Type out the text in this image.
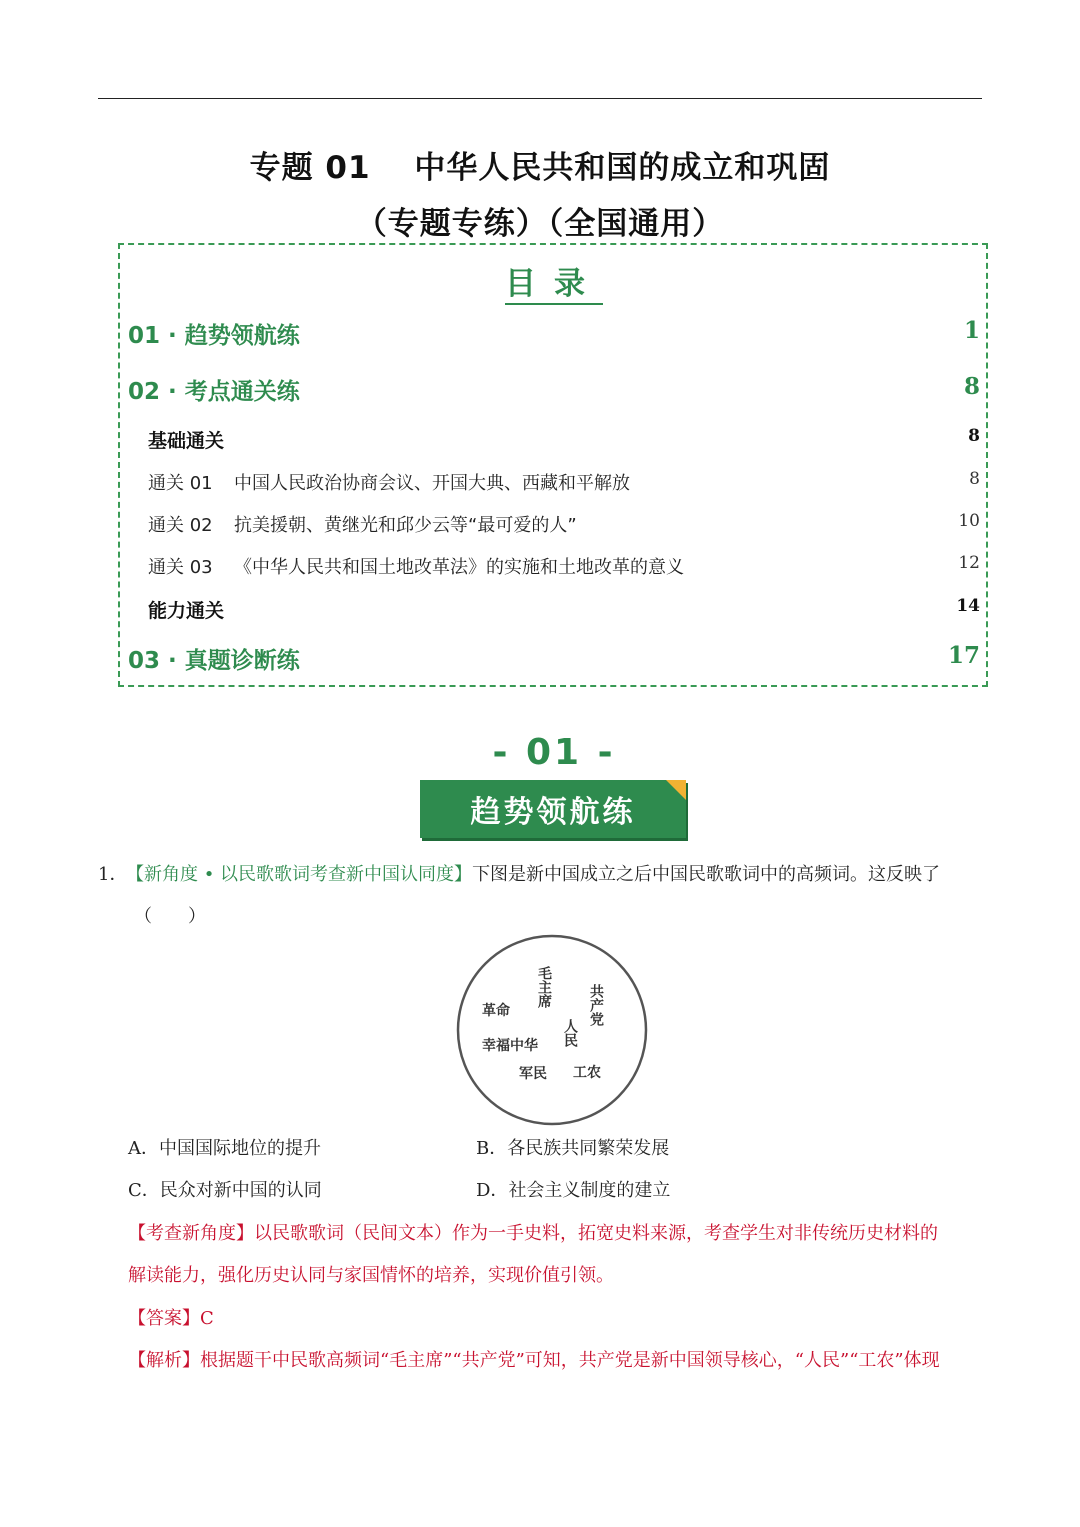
专题 01　 中华人民共和国的成立和巩固
（专题专练）（全国通用）
目录
01 · 趋势领航练	1
02 · 考点通关练	8
基础通关	8
通关 01 中国人民政治协商会议、开国大典、西藏和平解放	8
通关 02 抗美援朝、黄继光和邱少云等“最可爱的人”	10
通关 03 《中华人民共和国土地改革法》的实施和土地改革的意义	12
能力通关	14
03 · 真题诊断练	17
- 01 -
趋势领航练
1．【新角度 • 以民歌歌词考查新中国认同度】下图是新中国成立之后中国民歌歌词中的高频词。这反映了
（　　）
毛主席	共产党
革命
人民
幸福中华
军民 工农
A．中国国际地位的提升	B．各民族共同繁荣发展
C．民众对新中国的认同	D．社会主义制度的建立
【考查新角度】以民歌歌词（民间文本）作为一手史料，拓宽史料来源，考查学生对非传统历史材料的
解读能力，强化历史认同与家国情怀的培养，实现价值引领。
【答案】C
【解析】根据题干中民歌高频词“毛主席”“共产党”可知，共产党是新中国领导核心，“人民”“工农”体现
